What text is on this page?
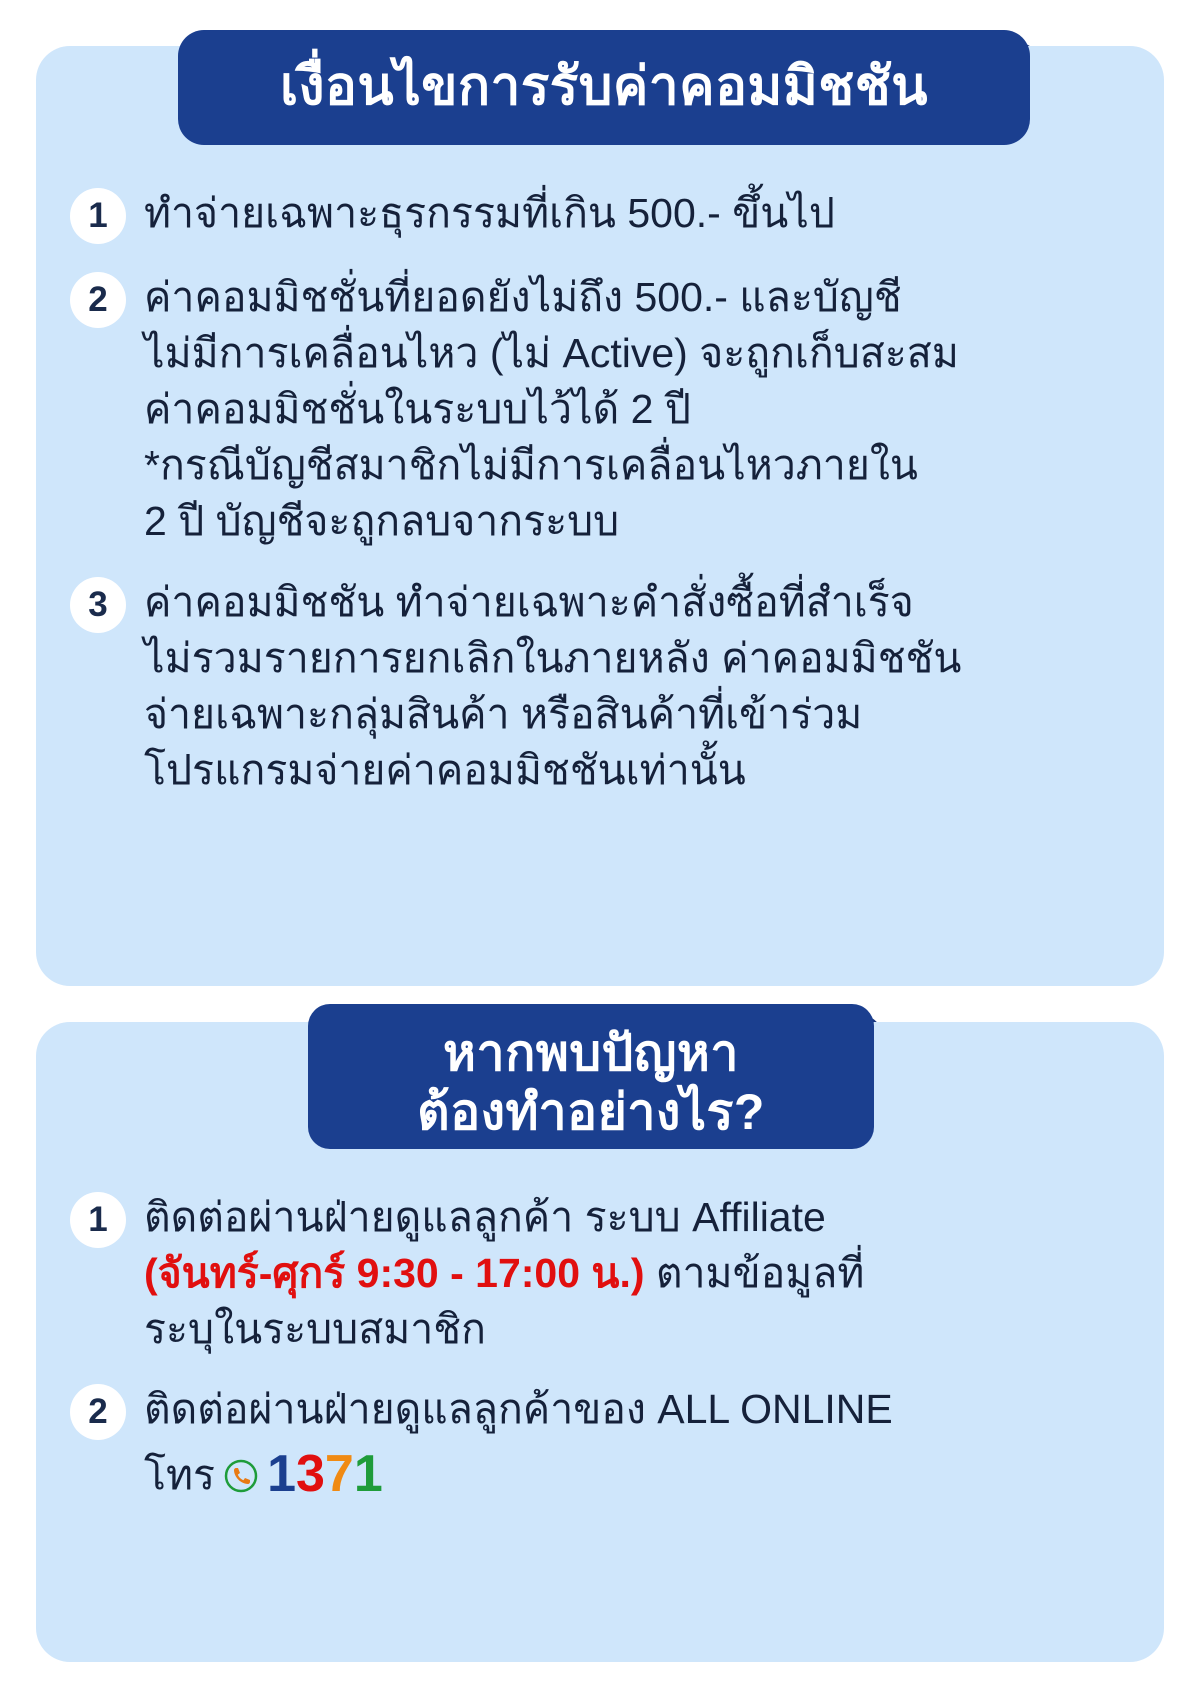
เงื่อนไขการรับค่าคอมมิชชัน
1 ทำจ่ายเฉพาะธุรกรรมที่เกิน 500.- ขึ้นไป

2 ค่าคอมมิชชั่นที่ยอดยังไม่ถึง 500.- และบัญชี

ไม่มีการเคลื่อนไหว (ไม่ Active) จะถูกเก็บสะสม

ค่าคอมมิชชั่นในระบบไว้ได้ 2 ปี

*กรณีบัญชีสมาชิกไม่มีการเคลื่อนไหวภายใน

2 ปี บัญชีจะถูกลบจากระบบ

3 ค่าคอมมิชชัน ทำจ่ายเฉพาะคำสั่งซื้อที่สำเร็จ

ไม่รวมรายการยกเลิกในภายหลัง ค่าคอมมิชชัน

จ่ายเฉพาะกลุ่มสินค้า หรือสินค้าที่เข้าร่วม

โปรแกรมจ่ายค่าคอมมิชชันเท่านั้น

หากพบปัญหา
ต้องทำอย่างไร?
1 ติดต่อผ่านฝ่ายดูแลลูกค้า ระบบ Affiliate

(จันทร์-ศุกร์ 9:30 - 17:00 น.) ตามข้อมูลที่

ระบุในระบบสมาชิก

2 ติดต่อผ่านฝ่ายดูแลลูกค้าของ ALL ONLINE

โทร 1371
